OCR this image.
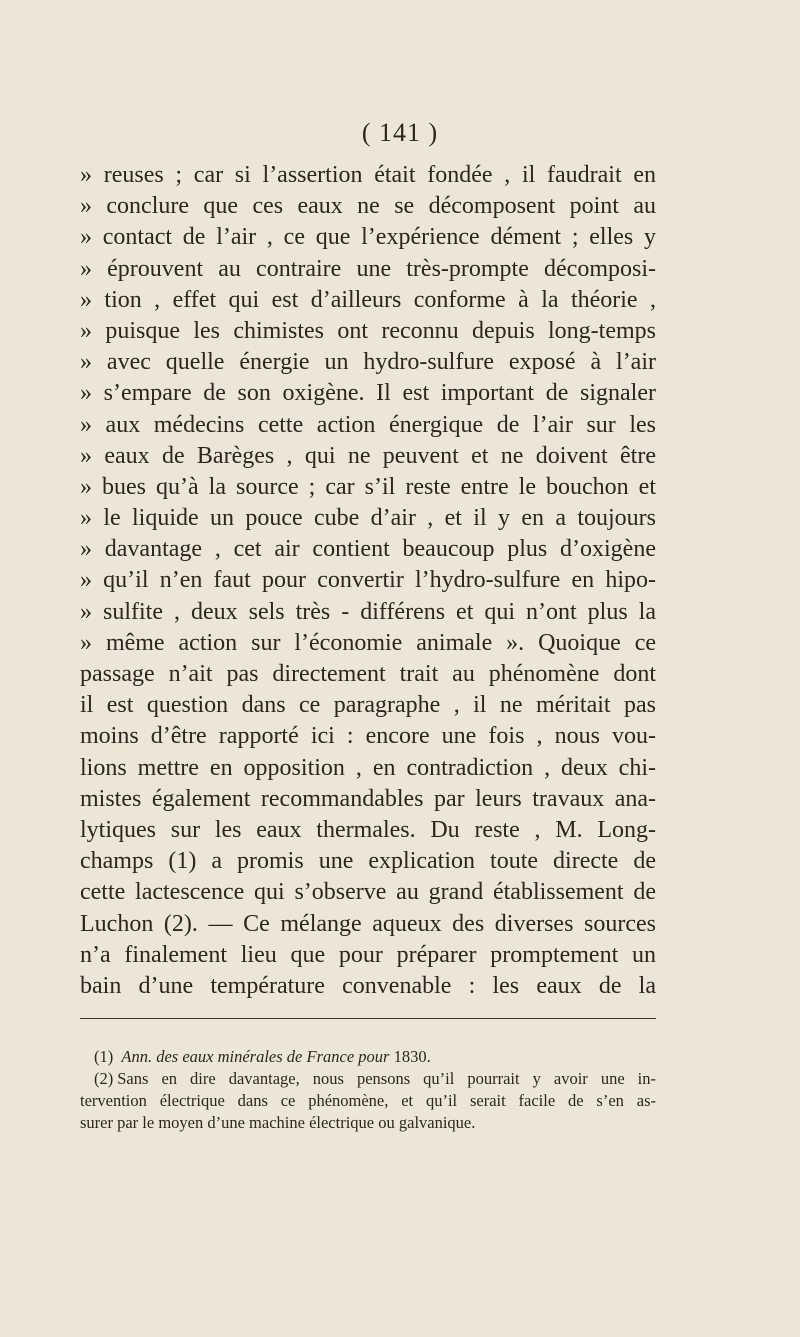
( 141 )
» reuses ; car si l’assertion était fondée , il faudrait en
» conclure que ces eaux ne se décomposent point au
» contact de l’air , ce que l’expérience dément ; elles y
» éprouvent au contraire une très-prompte décomposi-
» tion , effet qui est d’ailleurs conforme à la théorie ,
» puisque les chimistes ont reconnu depuis long-temps
» avec quelle énergie un hydro-sulfure exposé à l’air
» s’empare de son oxigène. Il est important de signaler
» aux médecins cette action énergique de l’air sur les
» eaux de Barèges , qui ne peuvent et ne doivent être
» bues qu’à la source ; car s’il reste entre le bouchon et
» le liquide un pouce cube d’air , et il y en a toujours
» davantage , cet air contient beaucoup plus d’oxigène
» qu’il n’en faut pour convertir l’hydro-sulfure en hipo-
» sulfite , deux sels très - différens et qui n’ont plus la
» même action sur l’économie animale ». Quoique ce
passage n’ait pas directement trait au phénomène dont
il est question dans ce paragraphe , il ne méritait pas
moins d’être rapporté ici : encore une fois , nous vou-
lions mettre en opposition , en contradiction , deux chi-
mistes également recommandables par leurs travaux ana-
lytiques sur les eaux thermales. Du reste , M. Long-
champs (1) a promis une explication toute directe de
cette lactescence qui s’observe au grand établissement de
Luchon (2). — Ce mélange aqueux des diverses sources
n’a finalement lieu que pour préparer promptement un
bain d’une température convenable : les eaux de la
(1) Ann. des eaux minérales de France pour 1830.
(2) Sans en dire davantage, nous pensons qu’il pourrait y avoir une in-
tervention électrique dans ce phénomène, et qu’il serait facile de s’en as-
surer par le moyen d’une machine électrique ou galvanique.
